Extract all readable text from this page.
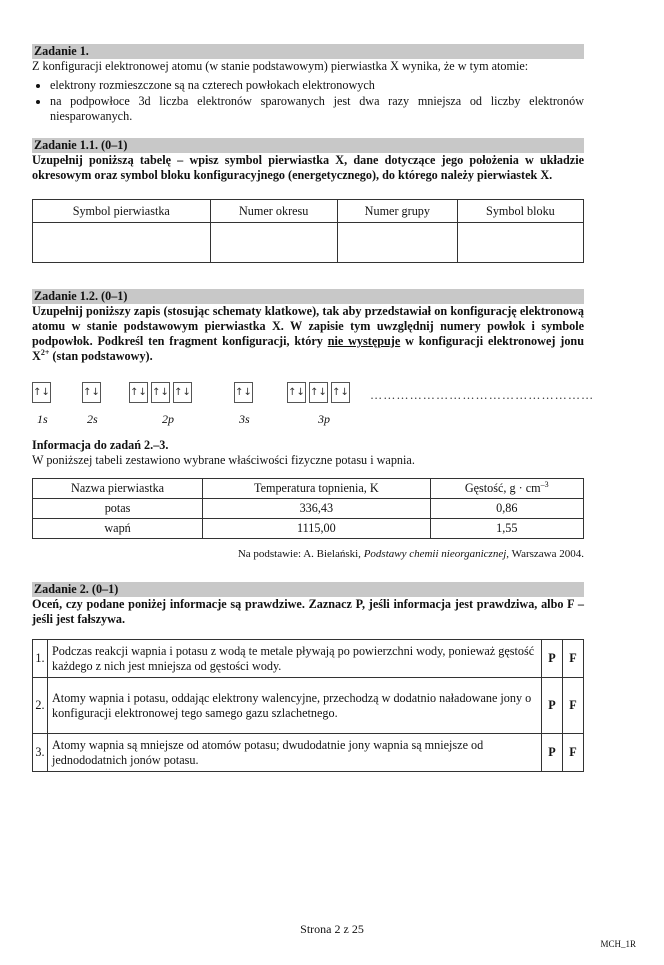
Zadanie 1.

Z konfiguracji elektronowej atomu (w stanie podstawowym) pierwiastka X wynika, że w tym atomie:

• elektrony rozmieszczone są na czterech powłokach elektronowych
• na podpowłoce 3d liczba elektronów sparowanych jest dwa razy mniejsza od liczby elektronów niesparowanych.
Zadanie 1.1. (0–1)

Uzupełnij poniższą tabelę – wpisz symbol pierwiastka X, dane dotyczące jego położenia w układzie okresowym oraz symbol bloku konfiguracyjnego (energetycznego), do którego należy pierwiastek X.

Symbol pierwiastka	Numer okresu	Numer grupy	Symbol bloku

Zadanie 1.2. (0–1)

Uzupełnij poniższy zapis (stosując schematy klatkowe), tak aby przedstawiał on konfigurację elektronową atomu w stanie podstawowym pierwiastka X. W zapisie tym uwzględnij numery powłok i symbole podpowłok. Podkreśl ten fragment konfiguracji, który nie występuje w konfiguracji elektronowej jonu $X^{2+}$ (stan podstawowy).

↑↓	↑↓	↑↓ ↑↓ ↑↓	↑↓	↑↓ ↑↓ ↑↓ ……………………………………………
1s	2s	2p	3s	3p

Informacja do zadań 2.–3.

W poniższej tabeli zestawiono wybrane właściwości fizyczne potasu i wapnia.

Nazwa pierwiastka	Temperatura topnienia, K	Gęstość, $g \cdot cm^{-3}$
potas	336,43	0,86
wapń	1115,00	1,55

Na podstawie: A. Bielański, Podstawy chemii nieorganicznej, Warszawa 2004.

Zadanie 2. (0–1)

Oceń, czy podane poniżej informacje są prawdziwe. Zaznacz P, jeśli informacja jest prawdziwa, albo F – jeśli jest fałszywa.

1.	Podczas reakcji wapnia i potasu z wodą te metale pływają po powierzchni wody, ponieważ gęstość każdego z nich jest mniejsza od gęstości wody.	P	F
2.	Atomy wapnia i potasu, oddając elektrony walencyjne, przechodzą w dodatnio naładowane jony o konfiguracji elektronowej tego samego gazu szlachetnego.	P	F
3.	Atomy wapnia są mniejsze od atomów potasu; dwudodatnie jony wapnia są mniejsze od jednododatnich jonów potasu.	P	F
Strona 2 z 25
MCH_1R
